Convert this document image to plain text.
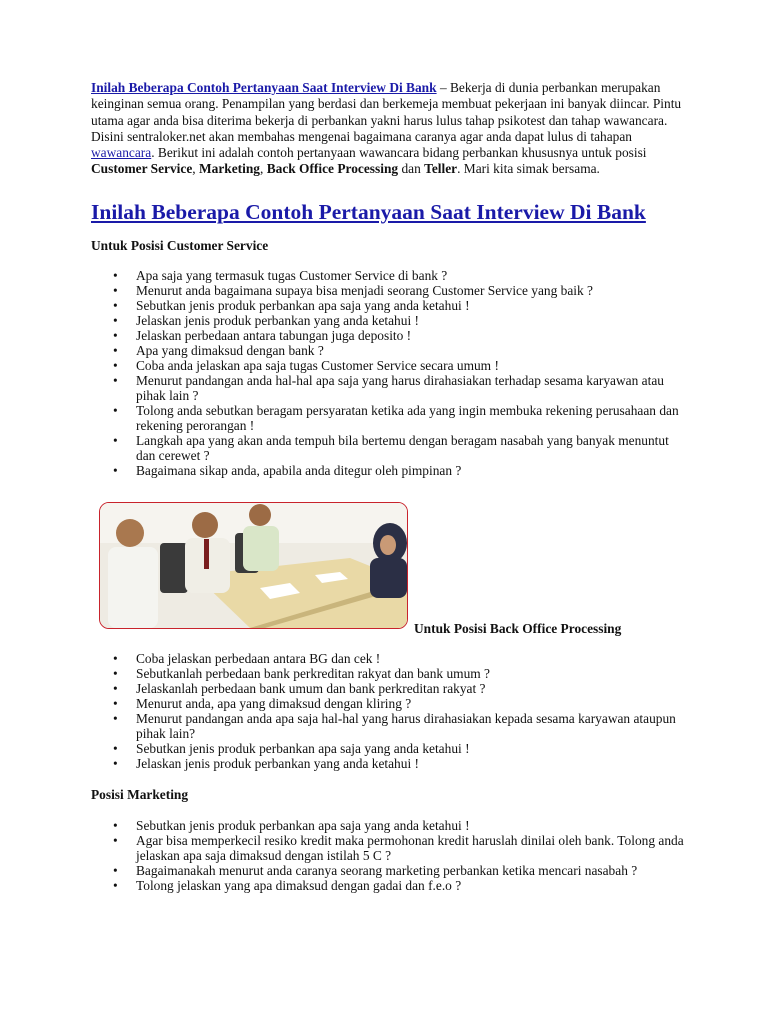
Inilah Beberapa Contoh Pertanyaan Saat Interview Di Bank – Bekerja di dunia perbankan merupakan keinginan semua orang. Penampilan yang berdasi dan berkemeja membuat pekerjaan ini banyak diincar. Pintu utama agar anda bisa diterima bekerja di perbankan yakni harus lulus tahap psikotest dan tahap wawancara. Disini sentraloker.net akan membahas mengenai bagaimana caranya agar anda dapat lulus di tahapan wawancara. Berikut ini adalah contoh pertanyaan wawancara bidang perbankan khususnya untuk posisi Customer Service, Marketing, Back Office Processing dan Teller. Mari kita simak bersama.

Inilah Beberapa Contoh Pertanyaan Saat Interview Di Bank

Untuk Posisi Customer Service

• Apa saja yang termasuk tugas Customer Service di bank ?
• Menurut anda bagaimana supaya bisa menjadi seorang Customer Service yang baik ?
• Sebutkan jenis produk perbankan apa saja yang anda ketahui !
• Jelaskan jenis produk perbankan yang anda ketahui !
• Jelaskan perbedaan antara tabungan juga deposito !
• Apa yang dimaksud dengan bank ?
• Coba anda jelaskan apa saja tugas Customer Service secara umum !
• Menurut pandangan anda hal-hal apa saja yang harus dirahasiakan terhadap sesama karyawan atau pihak lain ?
• Tolong anda sebutkan beragam persyaratan ketika ada yang ingin membuka rekening perusahaan dan rekening perorangan !
• Langkah apa yang akan anda tempuh bila bertemu dengan beragam nasabah yang banyak menuntut dan cerewet ?
• Bagaimana sikap anda, apabila anda ditegur oleh pimpinan ?

Untuk Posisi Back Office Processing

• Coba jelaskan perbedaan antara BG dan cek !
• Sebutkanlah perbedaan bank perkreditan rakyat dan bank umum ?
• Jelaskanlah perbedaan bank umum dan bank perkreditan rakyat ?
• Menurut anda, apa yang dimaksud dengan kliring ?
• Menurut pandangan anda apa saja hal-hal yang harus dirahasiakan kepada sesama karyawan ataupun pihak lain?
• Sebutkan jenis produk perbankan apa saja yang anda ketahui !
• Jelaskan jenis produk perbankan yang anda ketahui !

Posisi Marketing

• Sebutkan jenis produk perbankan apa saja yang anda ketahui !
• Agar bisa memperkecil resiko kredit maka permohonan kredit haruslah dinilai oleh bank. Tolong anda jelaskan apa saja dimaksud dengan istilah 5 C ?
• Bagaimanakah menurut anda caranya seorang marketing perbankan ketika mencari nasabah ?
• Tolong jelaskan yang apa dimaksud dengan gadai dan f.e.o ?
